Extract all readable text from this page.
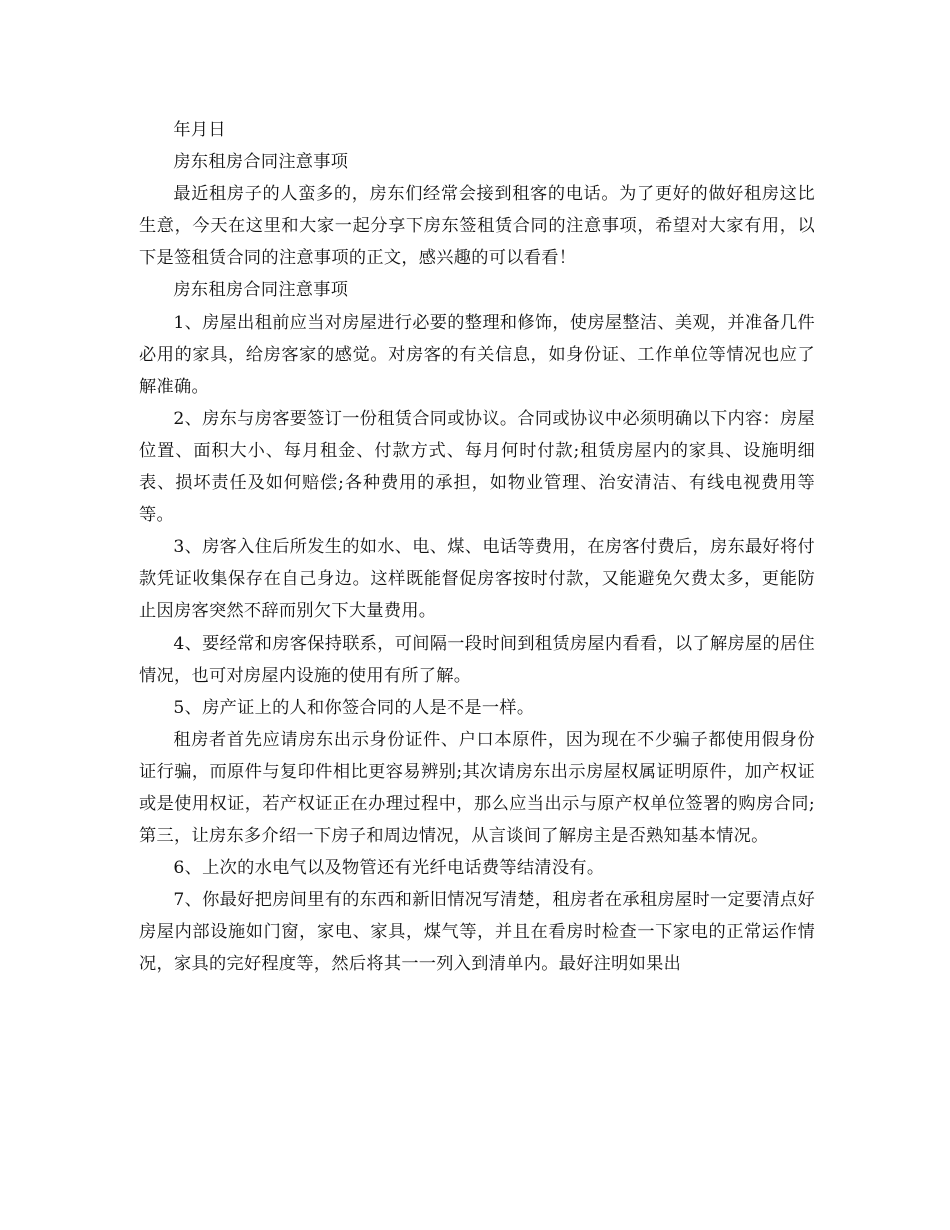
年月日

房东租房合同注意事项

最近租房子的人蛮多的，房东们经常会接到租客的电话。为了更好的做好租房这比生意，今天在这里和大家一起分享下房东签租赁合同的注意事项，希望对大家有用，以下是签租赁合同的注意事项的正文，感兴趣的可以看看！

房东租房合同注意事项

1、房屋出租前应当对房屋进行必要的整理和修饰，使房屋整洁、美观，并准备几件必用的家具，给房客家的感觉。对房客的有关信息，如身份证、工作单位等情况也应了解准确。

2、房东与房客要签订一份租赁合同或协议。合同或协议中必须明确以下内容：房屋位置、面积大小、每月租金、付款方式、每月何时付款;租赁房屋内的家具、设施明细表、损坏责任及如何赔偿;各种费用的承担，如物业管理、治安清洁、有线电视费用等等。

3、房客入住后所发生的如水、电、煤、电话等费用，在房客付费后，房东最好将付款凭证收集保存在自己身边。这样既能督促房客按时付款，又能避免欠费太多，更能防止因房客突然不辞而别欠下大量费用。

4、要经常和房客保持联系，可间隔一段时间到租赁房屋内看看，以了解房屋的居住情况，也可对房屋内设施的使用有所了解。

5、房产证上的人和你签合同的人是不是一样。

租房者首先应请房东出示身份证件、户口本原件，因为现在不少骗子都使用假身份证行骗，而原件与复印件相比更容易辨别;其次请房东出示房屋权属证明原件，加产权证或是使用权证，若产权证正在办理过程中，那么应当出示与原产权单位签署的购房合同;第三，让房东多介绍一下房子和周边情况，从言谈间了解房主是否熟知基本情况。

6、上次的水电气以及物管还有光纤电话费等结清没有。

7、你最好把房间里有的东西和新旧情况写清楚，租房者在承租房屋时一定要清点好房屋内部设施如门窗，家电、家具，煤气等，并且在看房时检查一下家电的正常运作情况，家具的完好程度等，然后将其一一列入到清单内。最好注明如果出
